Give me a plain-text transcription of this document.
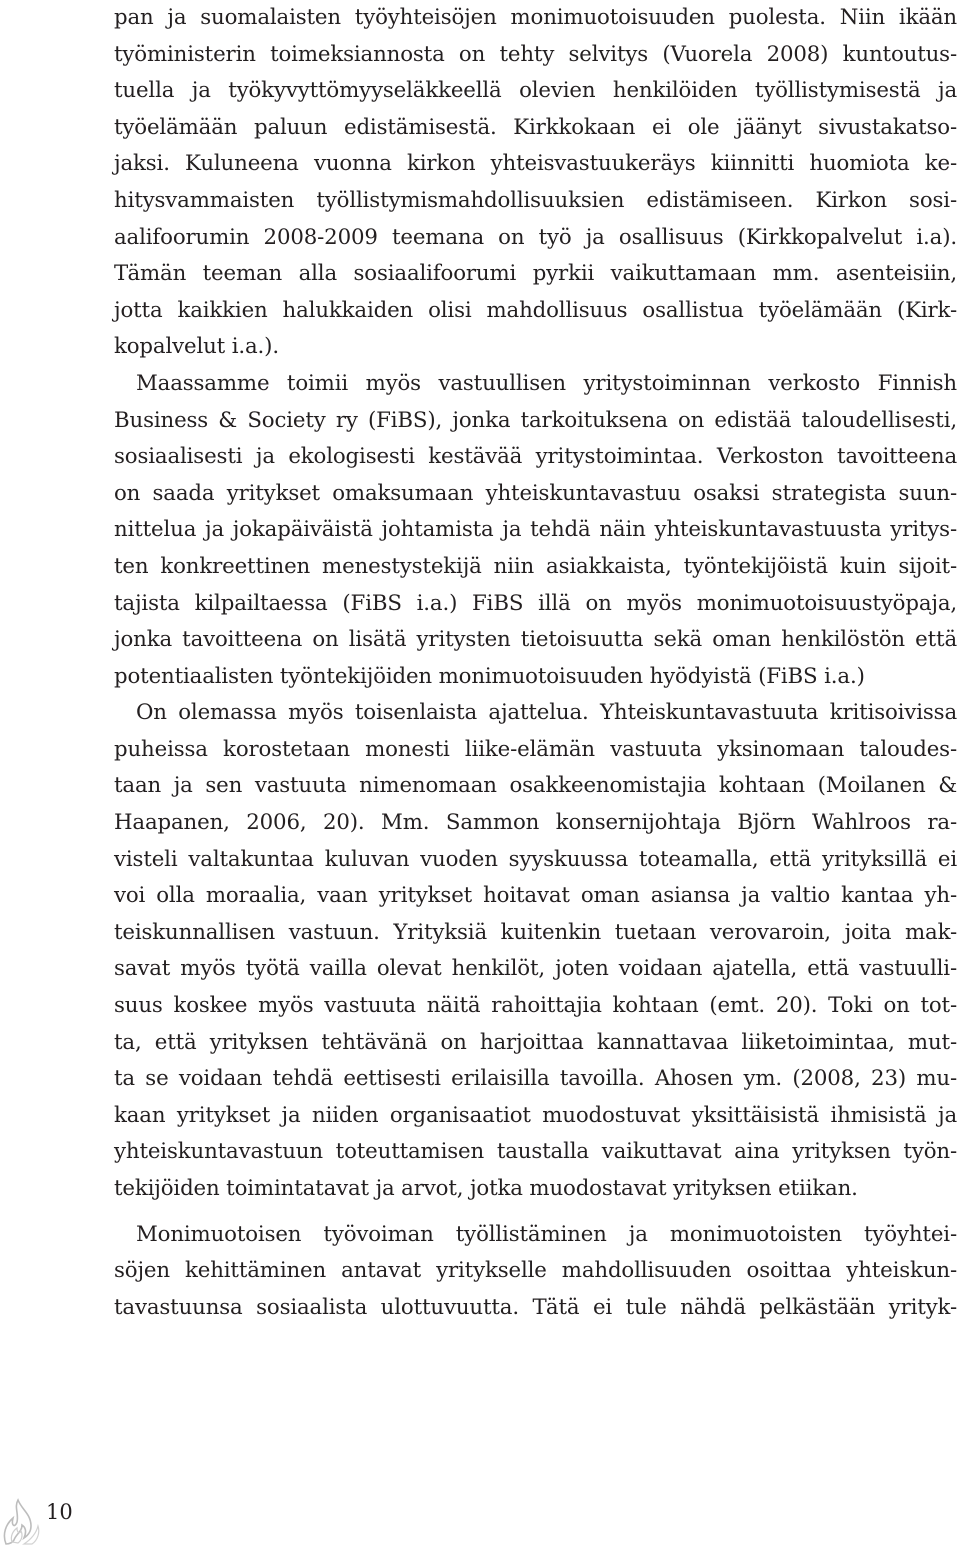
pan ja suomalaisten työyhteisöjen monimuotoisuuden puolesta. Niin ikään
työministerin toimeksiannosta on tehty selvitys (Vuorela 2008) kuntoutus-
tuella ja työkyvyttömyyseläkkeellä olevien henkilöiden työllistymisestä ja
työelämään paluun edistämisestä. Kirkkokaan ei ole jäänyt sivustakatso-
jaksi. Kuluneena vuonna kirkon yhteisvastuukeräys kiinnitti huomiota ke-
hitysvammaisten työllistymismahdollisuuksien edistämiseen. Kirkon sosi-
aalifoorumin 2008-2009 teemana on työ ja osallisuus (Kirkkopalvelut i.a).
Tämän teeman alla sosiaalifoorumi pyrkii vaikuttamaan mm. asenteisiin,
jotta kaikkien halukkaiden olisi mahdollisuus osallistua työelämään (Kirk-
kopalvelut i.a.).
Maassamme toimii myös vastuullisen yritystoiminnan verkosto Finnish
Business & Society ry (FiBS), jonka tarkoituksena on edistää taloudellisesti,
sosiaalisesti ja ekologisesti kestävää yritystoimintaa. Verkoston tavoitteena
on saada yritykset omaksumaan yhteiskuntavastuu osaksi strategista suun-
nittelua ja jokapäiväistä johtamista ja tehdä näin yhteiskuntavastuusta yritys-
ten konkreettinen menestystekijä niin asiakkaista, työntekijöistä kuin sijoit-
tajista kilpailtaessa (FiBS i.a.) FiBS illä on myös monimuotoisuustyöpaja,
jonka tavoitteena on lisätä yritysten tietoisuutta sekä oman henkilöstön että
potentiaalisten työntekijöiden monimuotoisuuden hyödyistä (FiBS i.a.)
On olemassa myös toisenlaista ajattelua. Yhteiskuntavastuuta kritisoivissa
puheissa korostetaan monesti liike-elämän vastuuta yksinomaan taloudes-
taan ja sen vastuuta nimenomaan osakkeenomistajia kohtaan (Moilanen &
Haapanen, 2006, 20). Mm. Sammon konsernijohtaja Björn Wahlroos ra-
visteli valtakuntaa kuluvan vuoden syyskuussa toteamalla, että yrityksillä ei
voi olla moraalia, vaan yritykset hoitavat oman asiansa ja valtio kantaa yh-
teiskunnallisen vastuun. Yrityksiä kuitenkin tuetaan verovaroin, joita mak-
savat myös työtä vailla olevat henkilöt, joten voidaan ajatella, että vastuulli-
suus koskee myös vastuuta näitä rahoittajia kohtaan (emt. 20). Toki on tot-
ta, että yrityksen tehtävänä on harjoittaa kannattavaa liiketoimintaa, mut-
ta se voidaan tehdä eettisesti erilaisilla tavoilla. Ahosen ym. (2008, 23) mu-
kaan yritykset ja niiden organisaatiot muodostuvat yksittäisistä ihmisistä ja
yhteiskuntavastuun toteuttamisen taustalla vaikuttavat aina yrityksen työn-
tekijöiden toimintatavat ja arvot, jotka muodostavat yrityksen etiikan.
Monimuotoisen työvoiman työllistäminen ja monimuotoisten työyhtei-
söjen kehittäminen antavat yritykselle mahdollisuuden osoittaa yhteiskun-
tavastuunsa sosiaalista ulottuvuutta. Tätä ei tule nähdä pelkästään yrityk-
10
